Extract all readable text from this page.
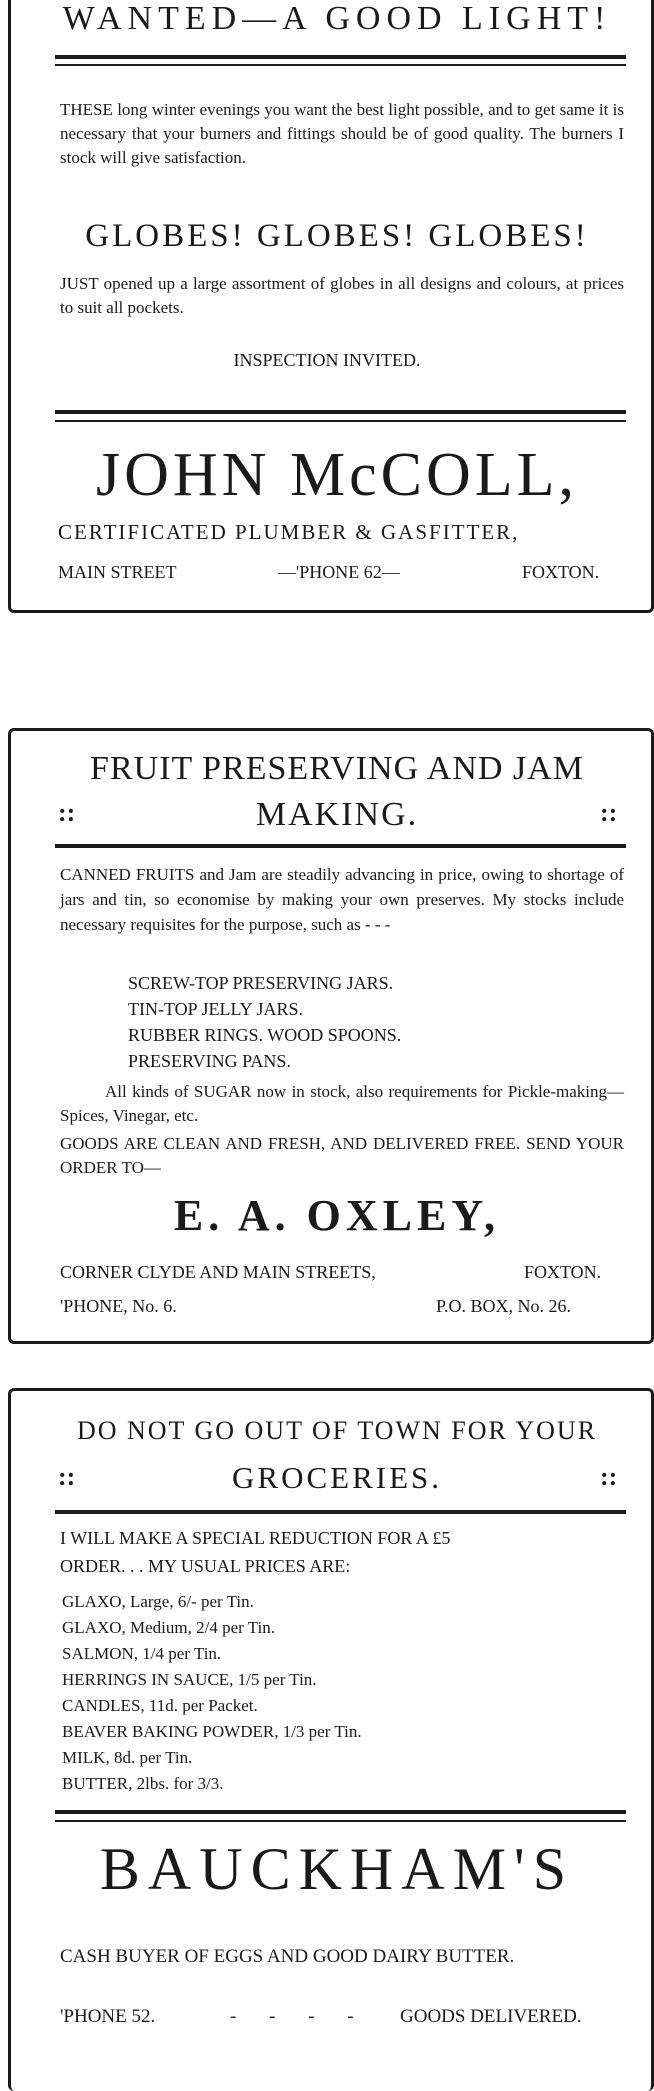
WANTED—A GOOD LIGHT!
THESE long winter evenings you want the best light possible, and to get same it is necessary that your burners and fittings should be of good quality. The burners I stock will give satisfaction.
GLOBES! GLOBES! GLOBES!
JUST opened up a large assortment of globes in all designs and colours, at prices to suit all pockets.
INSPECTION INVITED.
JOHN McCOLL,
CERTIFICATED PLUMBER & GASFITTER,
MAIN STREET	—'PHONE 62—	FOXTON.
FRUIT PRESERVING AND JAM
::	MAKING.	::
CANNED FRUITS and Jam are steadily advancing in price, owing to shortage of jars and tin, so economise by making your own preserves. My stocks include necessary requisites for the purpose, such as - - -
SCREW-TOP PRESERVING JARS.
TIN-TOP JELLY JARS.
RUBBER RINGS. WOOD SPOONS.
PRESERVING PANS.
All kinds of SUGAR now in stock, also requirements for Pickle-making—Spices, Vinegar, etc.
GOODS ARE CLEAN AND FRESH, AND DELIVERED FREE. SEND YOUR ORDER TO—
E. A. OXLEY,
CORNER CLYDE AND MAIN STREETS,	FOXTON.
'PHONE, No. 6.	P.O. BOX, No. 26.
DO NOT GO OUT OF TOWN FOR YOUR
::	GROCERIES.	::
I WILL MAKE A SPECIAL REDUCTION FOR A £5
ORDER. . . MY USUAL PRICES ARE:
GLAXO, Large, 6/- per Tin.
GLAXO, Medium, 2/4 per Tin.
SALMON, 1/4 per Tin.
HERRINGS IN SAUCE, 1/5 per Tin.
CANDLES, 11d. per Packet.
BEAVER BAKING POWDER, 1/3 per Tin.
MILK, 8d. per Tin.
BUTTER, 2lbs. for 3/3.
BAUCKHAM'S
CASH BUYER OF EGGS AND GOOD DAIRY BUTTER.
'PHONE 52.	- - - - GOODS DELIVERED.
